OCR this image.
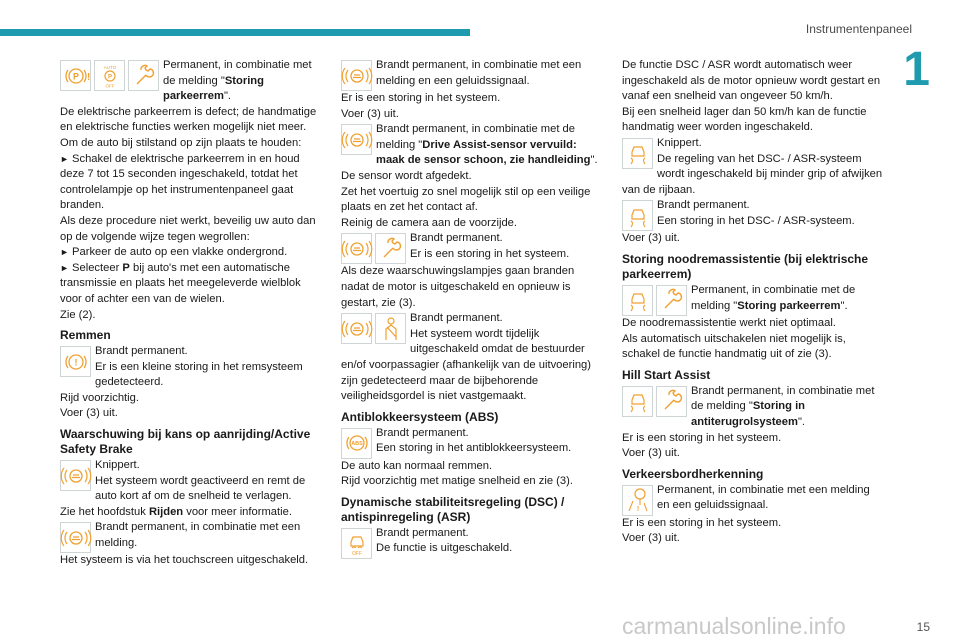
Instrumentenpaneel
1
P !
AUTO
P
OFF

Permanent, in combinatie met de melding "Storing parkeerrem".

De elektrische parkeerrem is defect; de handmatige en elektrische functies werken mogelijk niet meer.

Om de auto bij stilstand op zijn plaats te houden:

► Schakel de elektrische parkeerrem in en houd deze 7 tot 15 seconden ingeschakeld, totdat het controlelampje op het instrumentenpaneel gaat branden.

Als deze procedure niet werkt, beveilig uw auto dan op de volgende wijze tegen wegrollen:

► Parkeer de auto op een vlakke ondergrond.

► Selecteer P bij auto's met een automatische transmissie en plaats het meegeleverde wielblok voor of achter een van de wielen.

Zie (2).

Remmen
!

Brandt permanent.

Er is een kleine storing in het remsysteem gedetecteerd.

Rijd voorzichtig.

Voer (3) uit.

Waarschuwing bij kans op aanrijding/Active Safety Brake

Knippert.

Het systeem wordt geactiveerd en remt de auto kort af om de snelheid te verlagen.

Zie het hoofdstuk Rijden voor meer informatie.

Brandt permanent, in combinatie met een melding.

Het systeem is via het touchscreen uitgeschakeld.

Brandt permanent, in combinatie met een melding en een geluidssignaal.

Er is een storing in het systeem.

Voer (3) uit.

Brandt permanent, in combinatie met de melding "Drive Assist-sensor vervuild: maak de sensor schoon, zie handleiding".

De sensor wordt afgedekt.

Zet het voertuig zo snel mogelijk stil op een veilige plaats en zet het contact af.

Reinig de camera aan de voorzijde.

Brandt permanent.

Er is een storing in het systeem.

Als deze waarschuwingslampjes gaan branden nadat de motor is uitgeschakeld en opnieuw is gestart, zie (3).

Brandt permanent.

Het systeem wordt tijdelijk uitgeschakeld omdat de bestuurder en/of voorpassagier (afhankelijk van de uitvoering) zijn gedetecteerd maar de bijbehorende veiligheidsgordel is niet vastgemaakt.

Antiblokkeersysteem (ABS)
ABS

Brandt permanent.

Een storing in het antiblokkeersysteem.

De auto kan normaal remmen.

Rijd voorzichtig met matige snelheid en zie (3).

Dynamische stabiliteitsregeling (DSC) / antispinregeling (ASR)
OFF

Brandt permanent.

De functie is uitgeschakeld.

De functie DSC / ASR wordt automatisch weer ingeschakeld als de motor opnieuw wordt gestart en vanaf een snelheid van ongeveer 50 km/h.

Bij een snelheid lager dan 50 km/h kan de functie handmatig weer worden ingeschakeld.

Knippert.

De regeling van het DSC- / ASR-systeem wordt ingeschakeld bij minder grip of afwijken van de rijbaan.

Brandt permanent.

Een storing in het DSC- / ASR-systeem.

Voer (3) uit.

Storing noodremassistentie (bij elektrische parkeerrem)

Permanent, in combinatie met de melding "Storing parkeerrem".

De noodremassistentie werkt niet optimaal.

Als automatisch uitschakelen niet mogelijk is, schakel de functie handmatig uit of zie (3).

Hill Start Assist

Brandt permanent, in combinatie met de melding "Storing in antiterugrolsysteem".

Er is een storing in het systeem.

Voer (3) uit.

Verkeersbordherkenning
!

Permanent, in combinatie met een melding en een geluidssignaal.

Er is een storing in het systeem.

Voer (3) uit.

15
carmanualsonline.info
